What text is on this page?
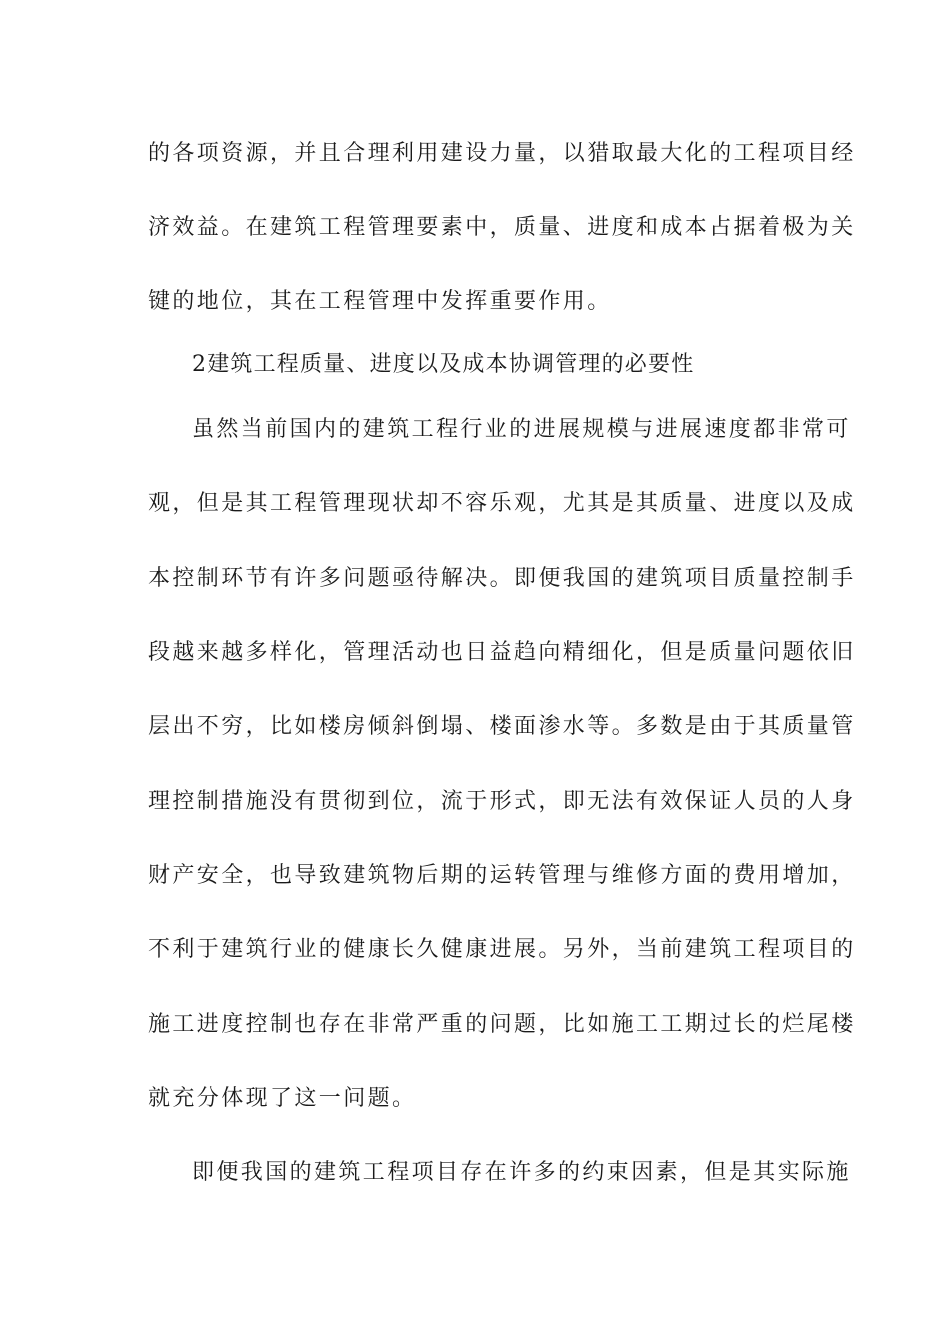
的各项资源，并且合理利用建设力量，以猎取最大化的工程项目经
济效益。在建筑工程管理要素中，质量、进度和成本占据着极为关
键的地位，其在工程管理中发挥重要作用。
2建筑工程质量、进度以及成本协调管理的必要性
虽然当前国内的建筑工程行业的进展规模与进展速度都非常可
观，但是其工程管理现状却不容乐观，尤其是其质量、进度以及成
本控制环节有许多问题亟待解决。即便我国的建筑项目质量控制手
段越来越多样化，管理活动也日益趋向精细化，但是质量问题依旧
层出不穷，比如楼房倾斜倒塌、楼面渗水等。多数是由于其质量管
理控制措施没有贯彻到位，流于形式，即无法有效保证人员的人身
财产安全，也导致建筑物后期的运转管理与维修方面的费用增加，
不利于建筑行业的健康长久健康进展。另外，当前建筑工程项目的
施工进度控制也存在非常严重的问题，比如施工工期过长的烂尾楼
就充分体现了这一问题。
即便我国的建筑工程项目存在许多的约束因素，但是其实际施
